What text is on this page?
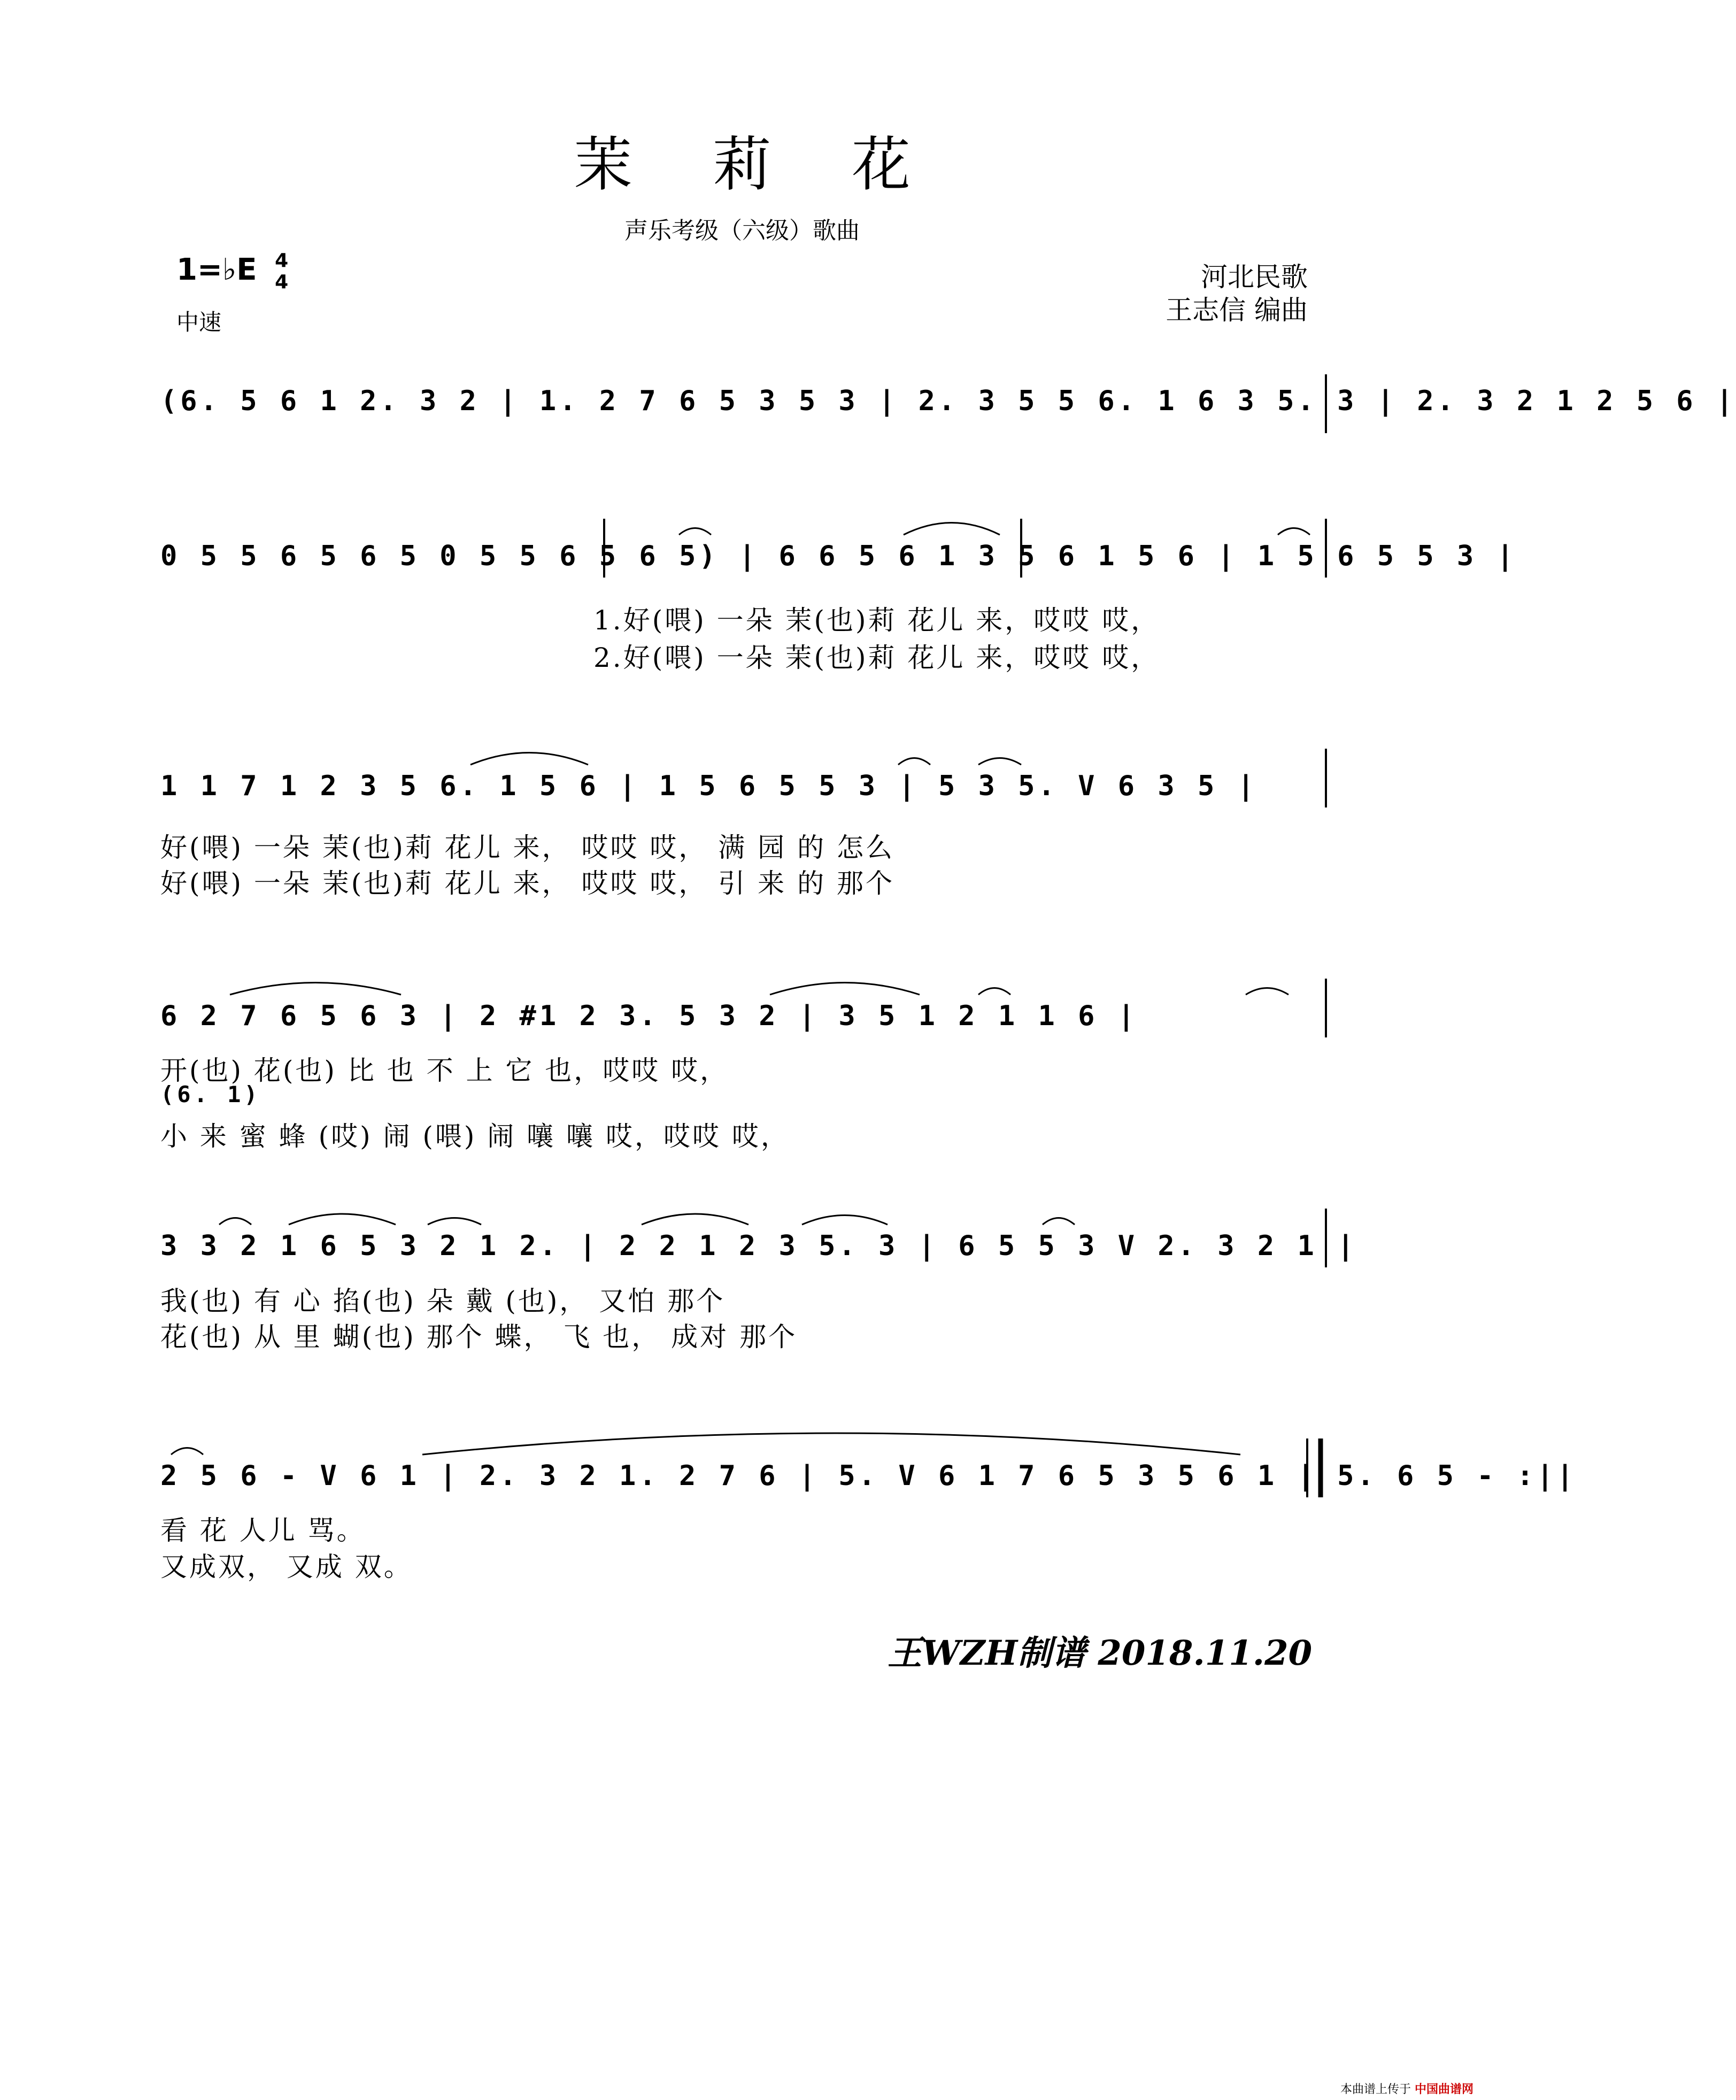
茉莉花
声乐考级（六级）歌曲
1=♭E 4
4
中速
河北民歌
王志信 编曲
(6. 5 6 1 2. 3 2 | 1. 2 7 6 5 3 5 3 | 2. 3 5 5 6. 1 6 3 5. 3 | 2. 3 2 1 2 5 6 |
0 5 5 6 5 6 5 0 5 5 6 5 6 5) | 6 6 5 6 1 3 5 6 1 5 6 | 1 5 6 5 5 3 |
1.好(喂) 一朵 茉(也)莉 花儿 来，哎哎 哎，
2.好(喂) 一朵 茉(也)莉 花儿 来，哎哎 哎，
1 1 7 1 2 3 5 6. 1 5 6 | 1 5 6 5 5 3 | 5 3 5. V 6 3 5 |
好(喂) 一朵 茉(也)莉 花儿 来， 哎哎 哎， 满 园 的 怎么
好(喂) 一朵 茉(也)莉 花儿 来， 哎哎 哎， 引 来 的 那个
6 2 7 6 5 6 3 | 2 #1 2 3. 5 3 2 | 3 5 1 2 1 1 6 |
开(也) 花(也) 比 也 不 上 它 也，哎哎 哎，
(6. 1)
小 来 蜜 蜂 (哎) 闹 (喂) 闹 嚷 嚷 哎，哎哎 哎，
3 3 2 1 6 5 3 2 1 2. | 2 2 1 2 3 5. 3 | 6 5 5 3 V 2. 3 2 1 |
我(也) 有 心 掐(也) 朵 戴 (也)， 又怕 那个
花(也) 从 里 蝴(也) 那个 蝶， 飞 也， 成对 那个
2 5 6 - V 6 1 | 2. 3 2 1. 2 7 6 | 5. V 6 1 7 6 5 3 5 6 1 | 5. 6 5 - :||
看 花 人儿 骂。
又成双， 又成 双。
王WZH制谱 2018.11.20
本曲谱上传于 中国曲谱网
